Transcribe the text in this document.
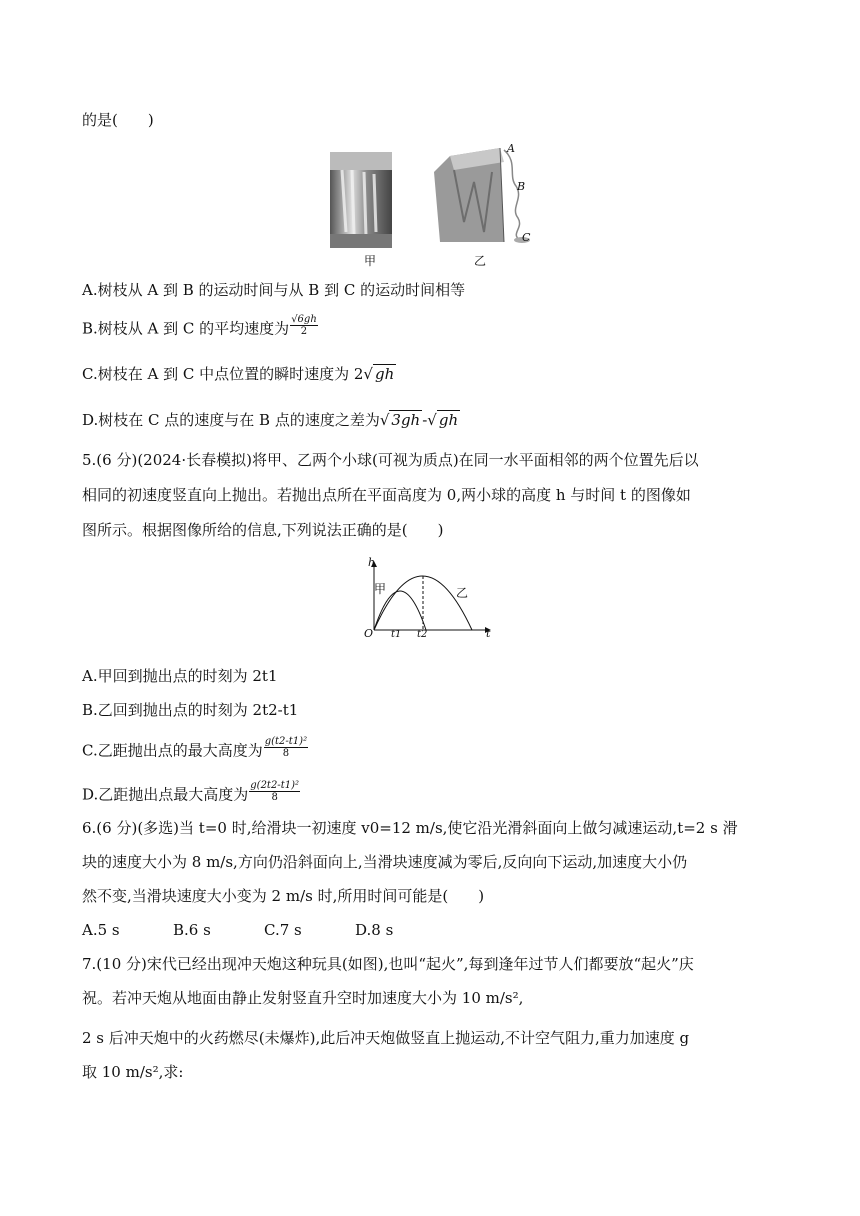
的是(　　)
A
B
C
甲	乙
A.树枝从 A 到 B 的运动时间与从 B 到 C 的运动时间相等
B.树枝从 A 到 C 的平均速度为 $\frac{√6gh}{2}$
C.树枝在 A 到 C 中点位置的瞬时速度为 2√ gh
D.树枝在 C 点的速度与在 B 点的速度之差为√ 3gh -√ gh
5.(6 分)(2024·长春模拟)将甲、乙两个小球(可视为质点)在同一水平面相邻的两个位置先后以
相同的初速度竖直向上抛出。若抛出点所在平面高度为 0,两小球的高度 h 与时间 t 的图像如
图所示。根据图像所给的信息,下列说法正确的是(　　)
h
t
O t1 t2
甲	乙
A.甲回到抛出点的时刻为 2t1
B.乙回到抛出点的时刻为 2t2-t1
C.乙距抛出点的最大高度为 $\frac{\text{g(t2-t1)²}}{8}$
D.乙距抛出点最大高度为 $\frac{\text{g(2t2-t1)²}}{8}$
6.(6 分)(多选)当 t=0 时,给滑块一初速度 v0=12 m/s,使它沿光滑斜面向上做匀减速运动,t=2 s 滑
块的速度大小为 8 m/s,方向仍沿斜面向上,当滑块速度减为零后,反向向下运动,加速度大小仍
然不变,当滑块速度大小变为 2 m/s 时,所用时间可能是(　　)
A.5 s	B.6 s	C.7 s	D.8 s
7.(10 分)宋代已经出现冲天炮这种玩具(如图),也叫“起火”,每到逢年过节人们都要放“起火”庆
祝。若冲天炮从地面由静止发射竖直升空时加速度大小为 10 m/s²,
2 s 后冲天炮中的火药燃尽(未爆炸),此后冲天炮做竖直上抛运动,不计空气阻力,重力加速度 g
取 10 m/s²,求:
